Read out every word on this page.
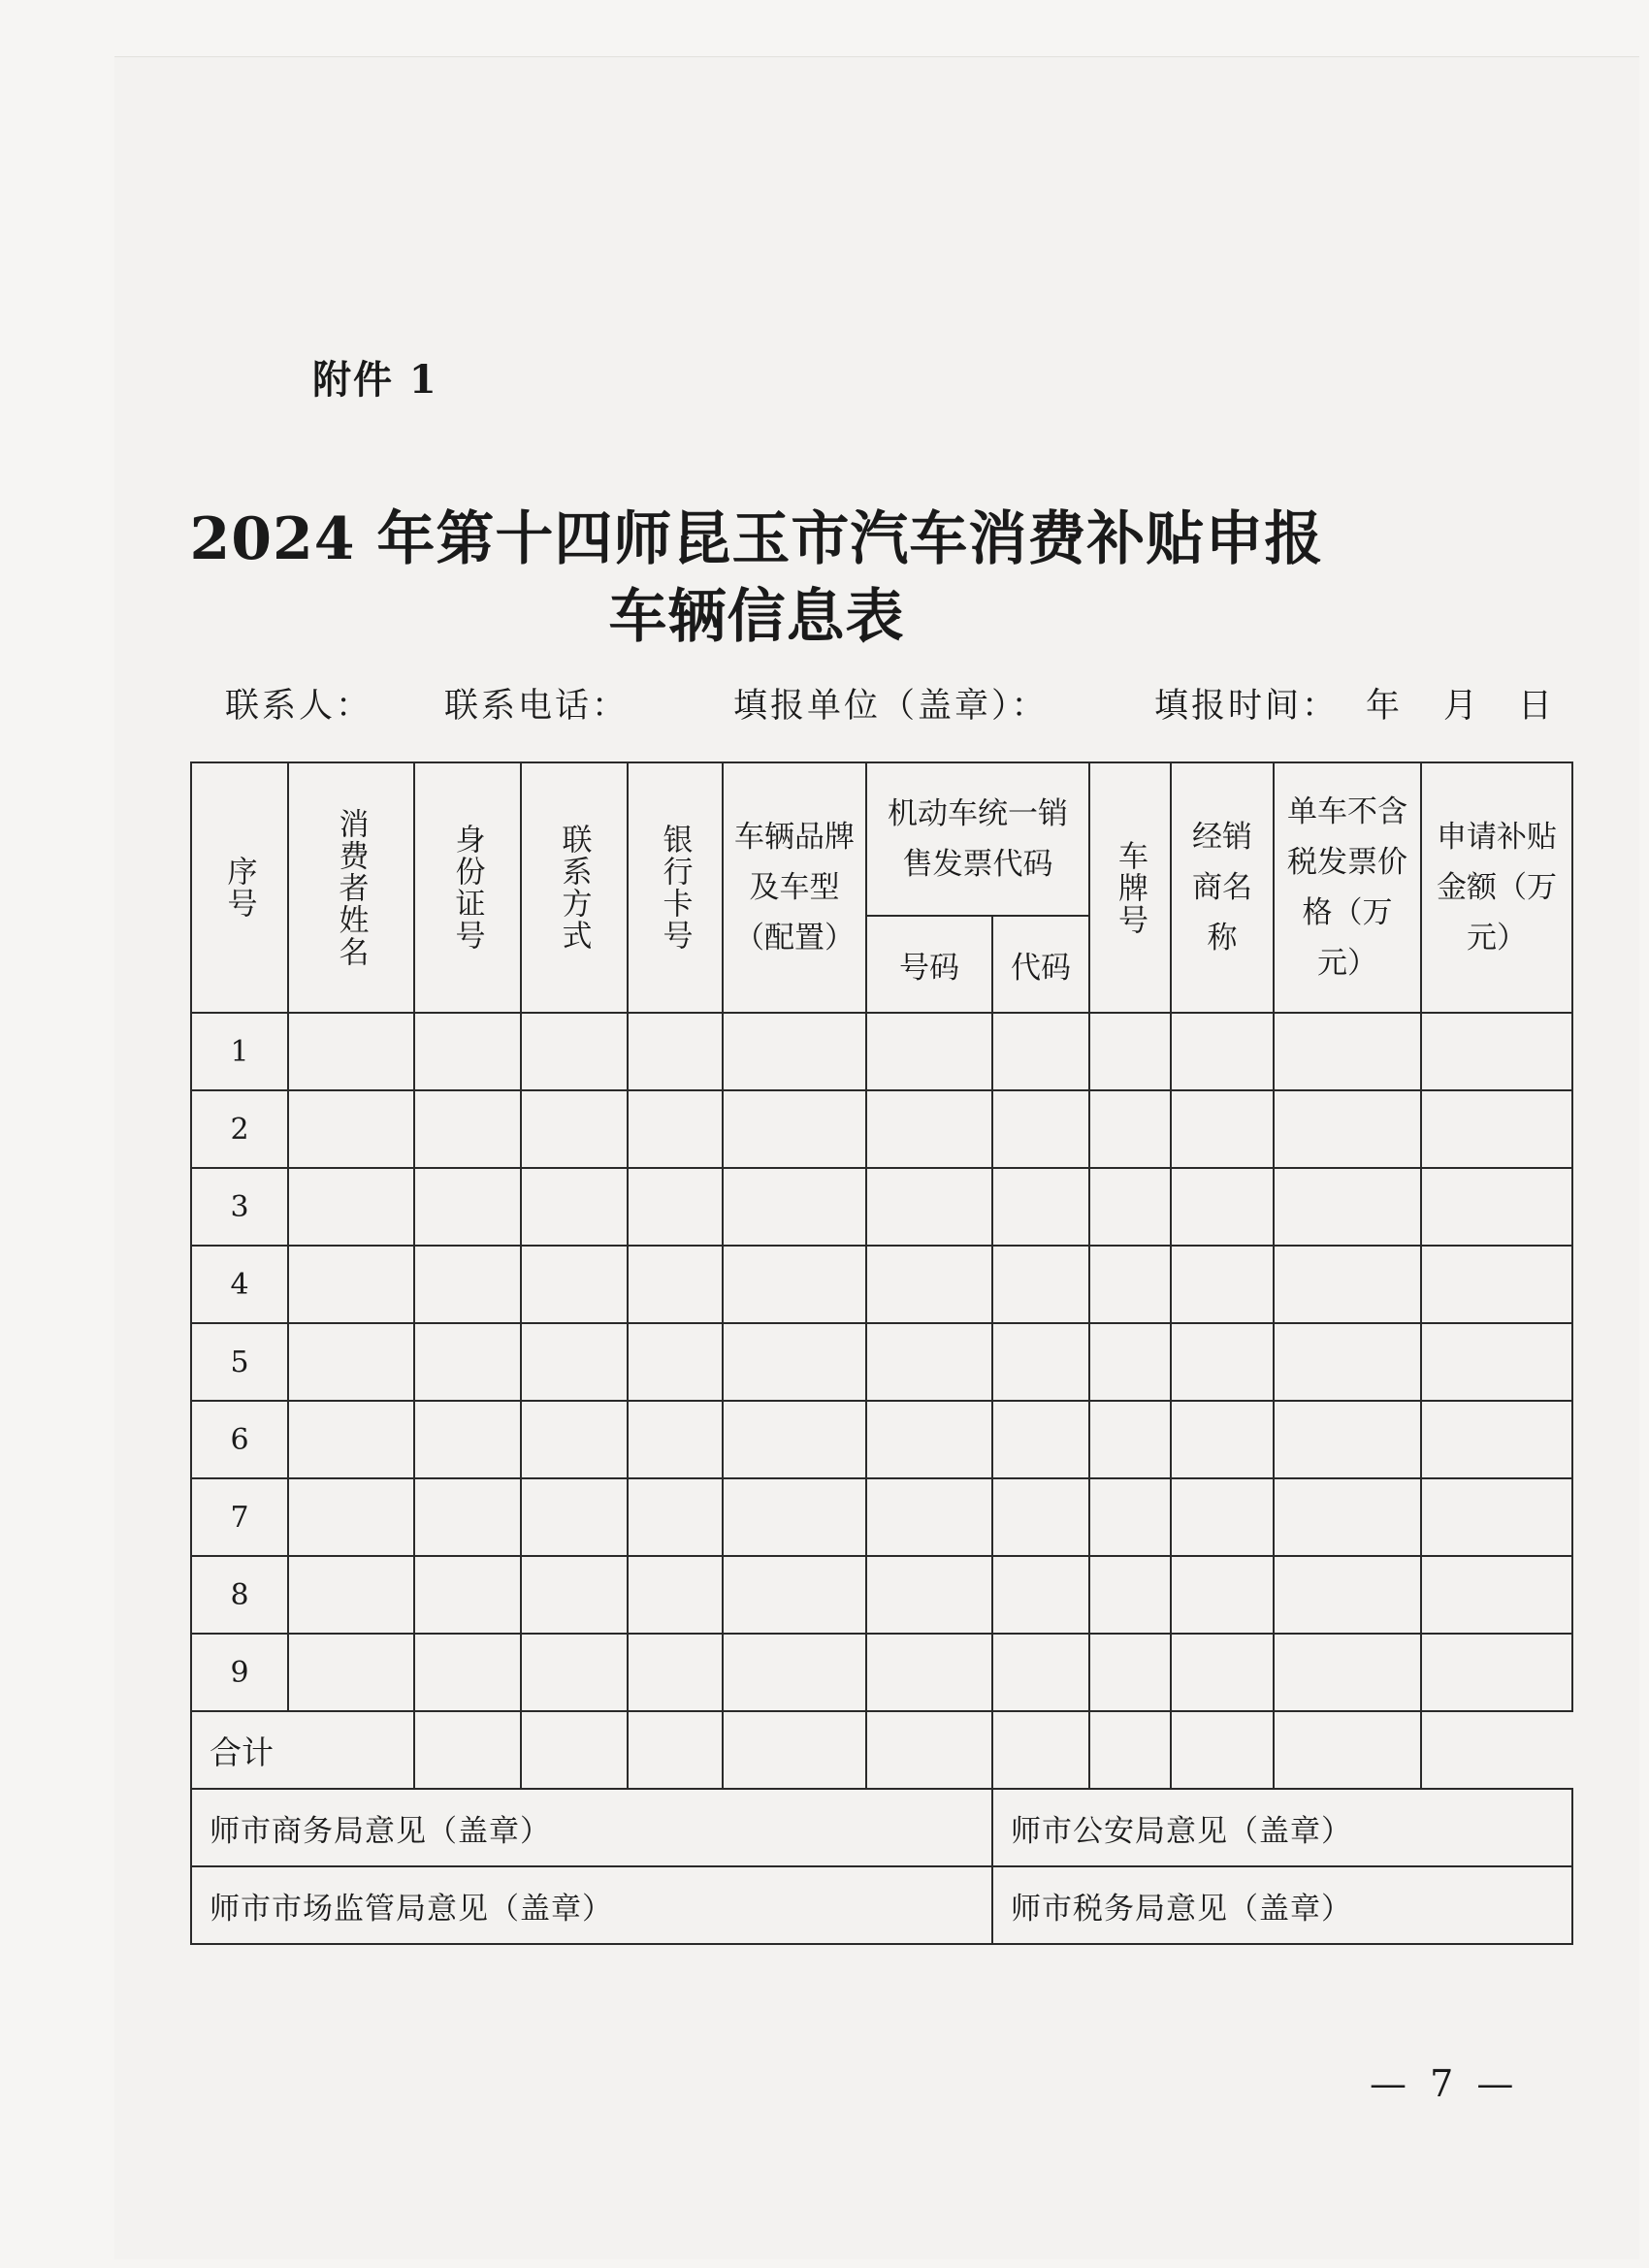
附件 1
2024 年第十四师昆玉市汽车消费补贴申报
车辆信息表
联系人： 联系电话：	填报单位（盖章）：	填报时间： 年 月 日
序号	消费者姓名	身份证号	联系方式	银行卡号	车辆品牌及车型（配置）	机动车统一销售发票代码		车牌号	经销商名称	单车不含税发票价格（万元）	申请补贴金额（万元）

						号码	代码				
1											
2											
3											
4											
5											
6											
7											
8											
9											
合计											
师市商务局意见（盖章）							师市公安局意见（盖章）				
师市市场监管局意见（盖章）							师市税务局意见（盖章）				
— 7 —
